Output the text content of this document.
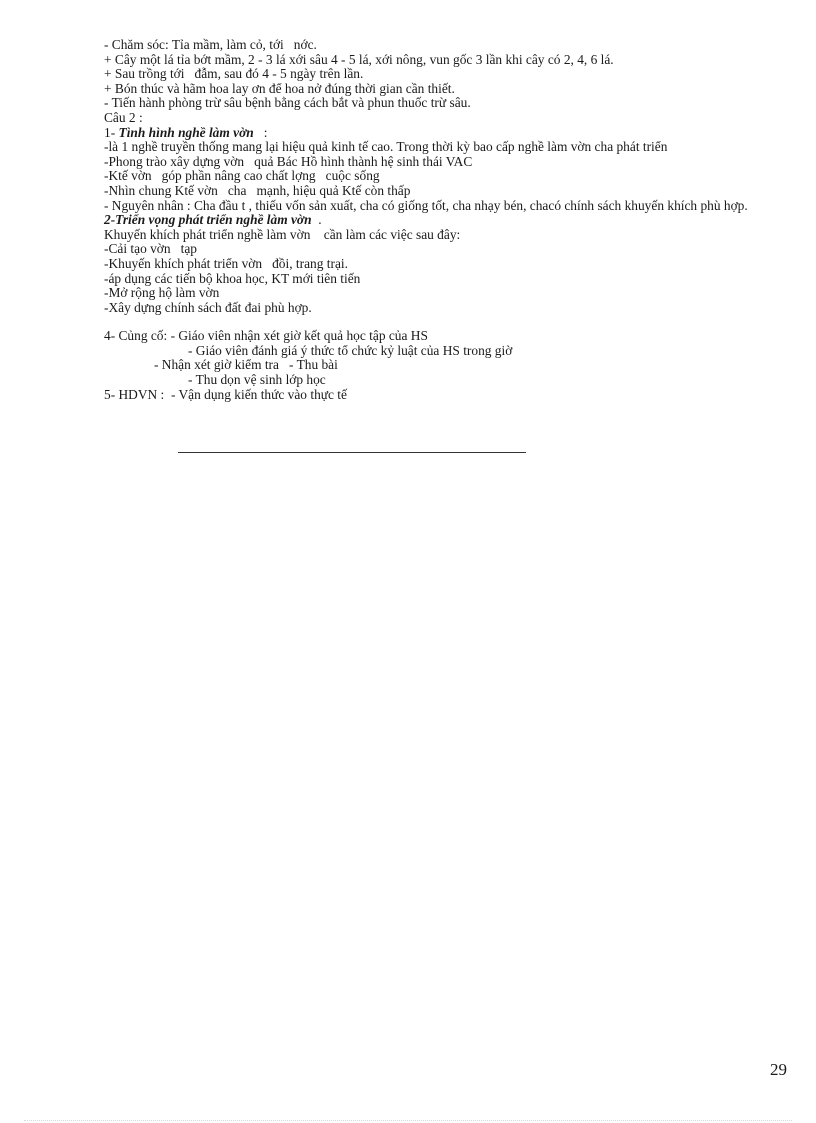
- Chăm sóc: Tỉa mầm, làm cỏ, tới   nớc.
+ Cây một lá tỉa bớt mầm, 2 - 3 lá xới sâu 4 - 5 lá, xới nông, vun gốc 3 lần khi cây có 2, 4, 6 lá.
+ Sau trồng tới   đẫm, sau đó 4 - 5 ngày trên lần.
+ Bón thúc và hãm hoa lay ơn để hoa nở đúng thời gian cần thiết.
- Tiến hành phòng trừ sâu bệnh bằng cách bắt và phun thuốc trừ sâu.
Câu 2 :
1- Tình hình nghề làm vờn   :
-là 1 nghề truyền thống mang lại hiệu quả kinh tế cao. Trong thời kỳ bao cấp nghề làm vờn cha phát triển
-Phong trào xây dựng vờn   quả Bác Hồ hình thành hệ sinh thái VAC
-Ktế vờn   góp phần nâng cao chất lợng   cuộc sống
-Nhìn chung Ktế vờn   cha   mạnh, hiệu quả Ktế còn thấp
- Nguyên nhân : Cha đầu t , thiếu vốn sản xuất, cha có giống tốt, cha nhạy bén, chacó chính sách khuyến khích phù hợp.
2-Triển vọng phát triển nghề làm vờn  .
Khuyến khích phát triển nghề làm vờn    cần làm các việc sau đây:
-Cải tạo vờn   tạp
-Khuyến khích phát triển vờn   đồi, trang trại.
-áp dụng các tiến bộ khoa học, KT mới tiên tiến
-Mở rộng hộ làm vờn
-Xây dựng chính sách đất đai phù hợp.
4- Củng cố: - Giáo viên nhận xét giờ kết quả học tập của HS
- Giáo viên đánh giá ý thức tổ chức kỷ luật của HS trong giờ
- Nhận xét giờ kiểm tra   - Thu bài
- Thu dọn vệ sinh lớp học
5- HDVN :  - Vận dụng kiến thức vào thực tế
29
